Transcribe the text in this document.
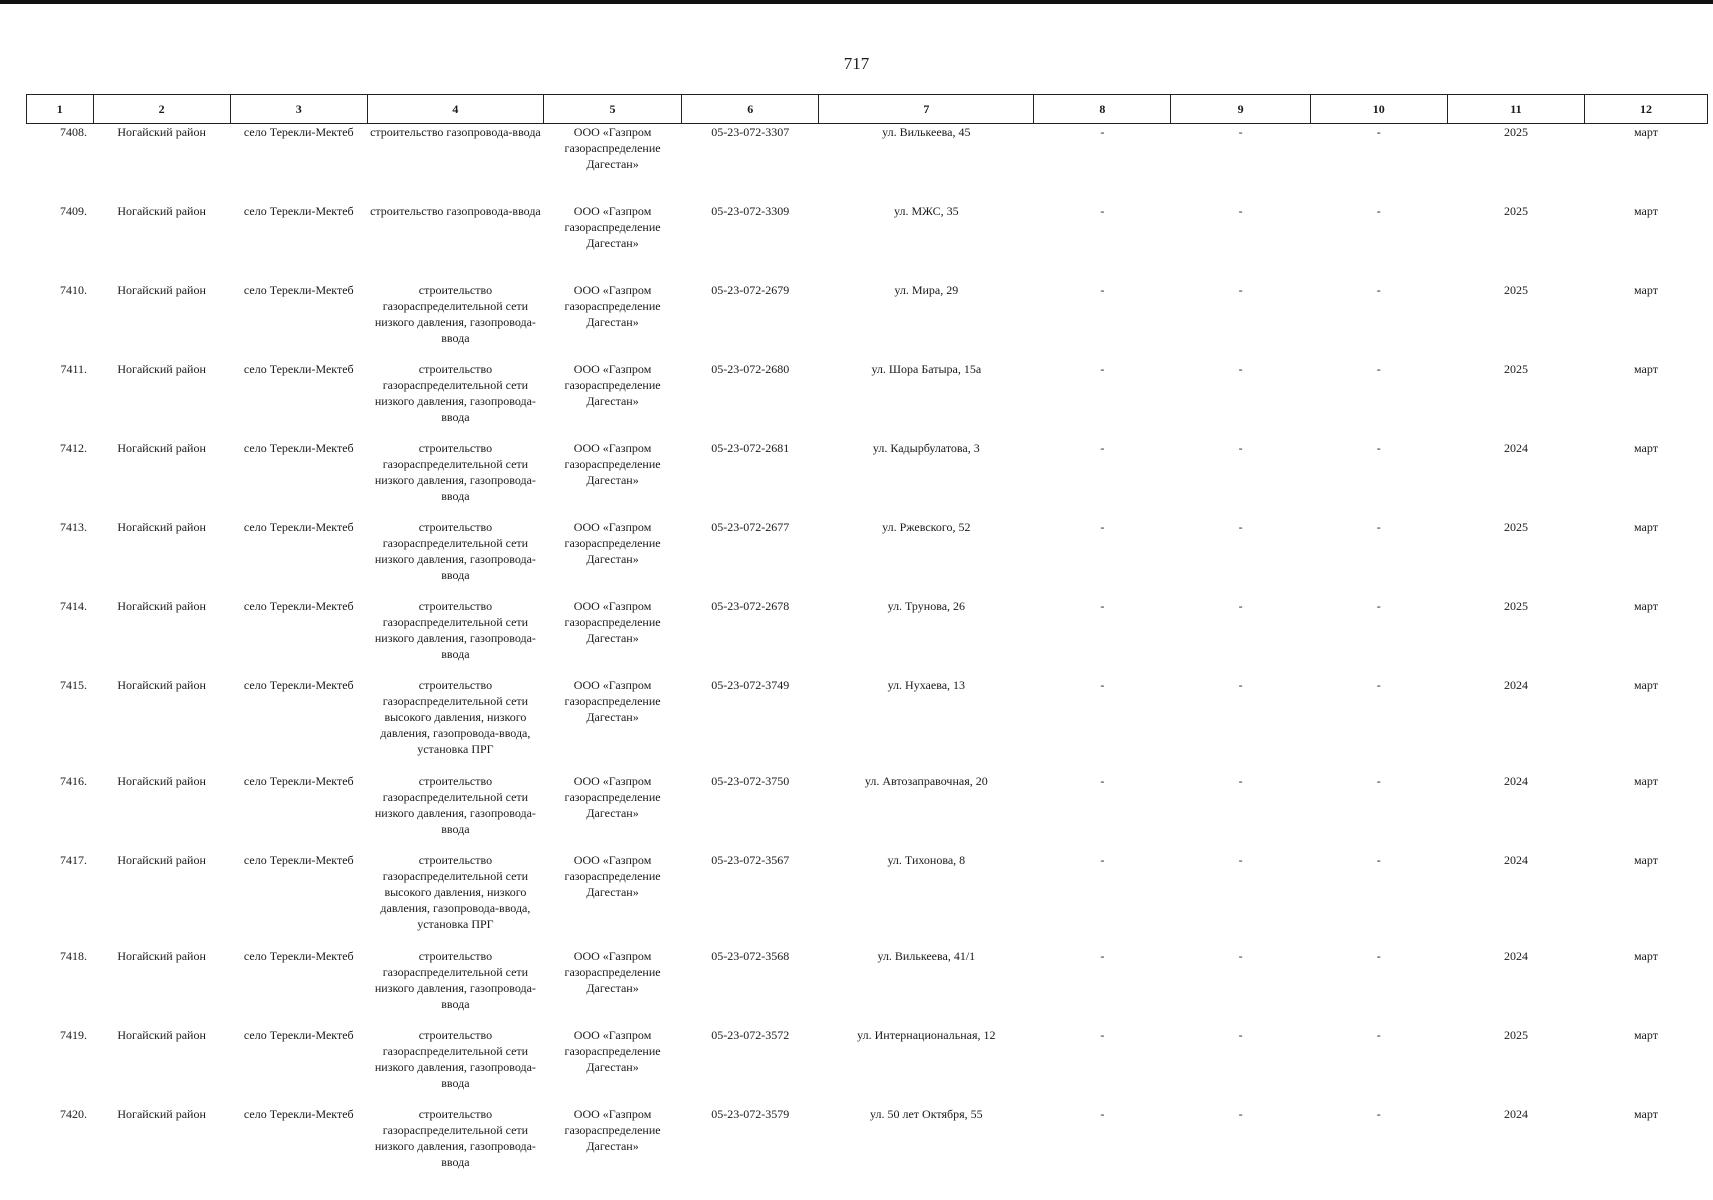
717
1	2	3	4	5	6	7	8	9	10	11	12
7408.	Ногайский район	село Терекли-Мектеб	строительство газопровода-ввода	ООО «Газпром газораспределение Дагестан»	05-23-072-3307	ул. Вилькеева, 45	-	-	-	2025	март
7409.	Ногайский район	село Терекли-Мектеб	строительство газопровода-ввода	ООО «Газпром газораспределение Дагестан»	05-23-072-3309	ул. МЖС, 35	-	-	-	2025	март
7410.	Ногайский район	село Терекли-Мектеб	строительство газораспределительной сети низкого давления, газопровода-ввода	ООО «Газпром газораспределение Дагестан»	05-23-072-2679	ул. Мира, 29	-	-	-	2025	март
7411.	Ногайский район	село Терекли-Мектеб	строительство газораспределительной сети низкого давления, газопровода-ввода	ООО «Газпром газораспределение Дагестан»	05-23-072-2680	ул. Шора Батыра, 15а	-	-	-	2025	март
7412.	Ногайский район	село Терекли-Мектеб	строительство газораспределительной сети низкого давления, газопровода-ввода	ООО «Газпром газораспределение Дагестан»	05-23-072-2681	ул. Кадырбулатова, 3	-	-	-	2024	март
7413.	Ногайский район	село Терекли-Мектеб	строительство газораспределительной сети низкого давления, газопровода-ввода	ООО «Газпром газораспределение Дагестан»	05-23-072-2677	ул. Ржевского, 52	-	-	-	2025	март
7414.	Ногайский район	село Терекли-Мектеб	строительство газораспределительной сети низкого давления, газопровода-ввода	ООО «Газпром газораспределение Дагестан»	05-23-072-2678	ул. Трунова, 26	-	-	-	2025	март
7415.	Ногайский район	село Терекли-Мектеб	строительство газораспределительной сети высокого давления, низкого давления, газопровода-ввода, установка ПРГ	ООО «Газпром газораспределение Дагестан»	05-23-072-3749	ул. Нухаева, 13	-	-	-	2024	март
7416.	Ногайский район	село Терекли-Мектеб	строительство газораспределительной сети низкого давления, газопровода-ввода	ООО «Газпром газораспределение Дагестан»	05-23-072-3750	ул. Автозаправочная, 20	-	-	-	2024	март
7417.	Ногайский район	село Терекли-Мектеб	строительство газораспределительной сети высокого давления, низкого давления, газопровода-ввода, установка ПРГ	ООО «Газпром газораспределение Дагестан»	05-23-072-3567	ул. Тихонова, 8	-	-	-	2024	март
7418.	Ногайский район	село Терекли-Мектеб	строительство газораспределительной сети низкого давления, газопровода-ввода	ООО «Газпром газораспределение Дагестан»	05-23-072-3568	ул. Вилькеева, 41/1	-	-	-	2024	март
7419.	Ногайский район	село Терекли-Мектеб	строительство газораспределительной сети низкого давления, газопровода-ввода	ООО «Газпром газораспределение Дагестан»	05-23-072-3572	ул. Интернациональная, 12	-	-	-	2025	март
7420.	Ногайский район	село Терекли-Мектеб	строительство газораспределительной сети низкого давления, газопровода-ввода	ООО «Газпром газораспределение Дагестан»	05-23-072-3579	ул. 50 лет Октября, 55	-	-	-	2024	март
